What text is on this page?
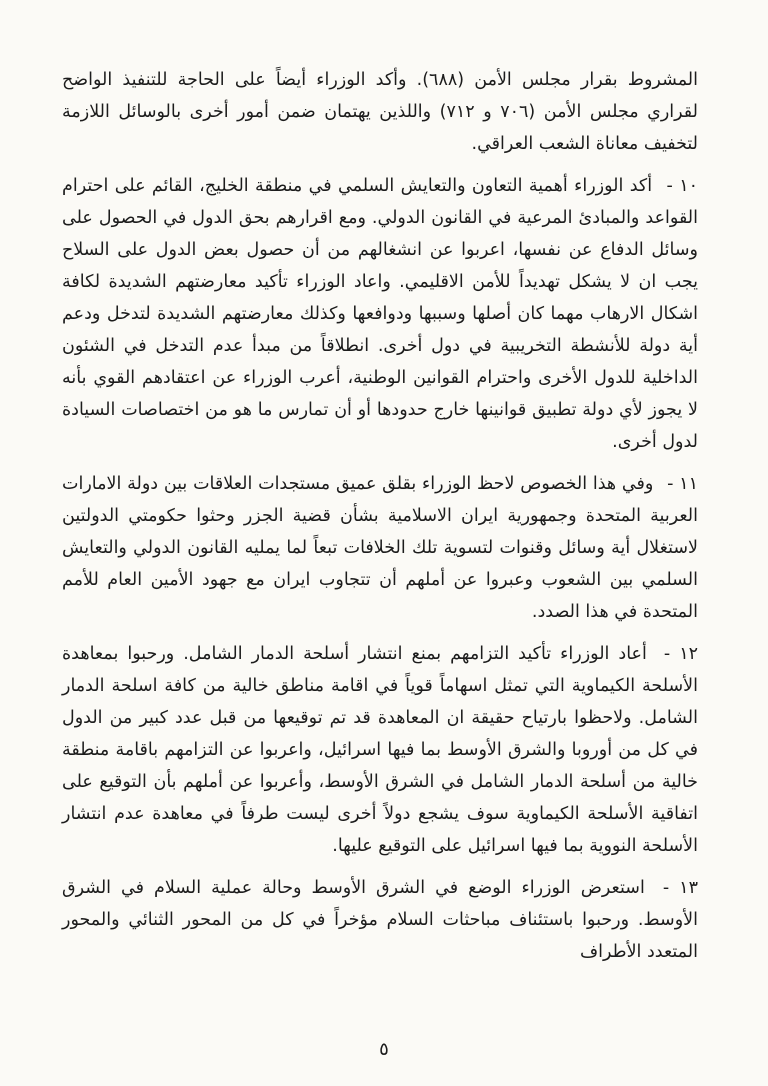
المشروط بقرار مجلس الأمن (٦٨٨). وأكد الوزراء أيضاً على الحاجة للتنفيذ الواضح لقراري مجلس الأمن (٧٠٦ و ٧١٢) واللذين يهتمان ضمن أمور أخرى بالوسائل اللازمة لتخفيف معاناة الشعب العراقي.

١٠ - أكد الوزراء أهمية التعاون والتعايش السلمي في منطقة الخليج، القائم على احترام القواعد والمبادئ المرعية في القانون الدولي. ومع اقرارهم بحق الدول في الحصول على وسائل الدفاع عن نفسها، اعربوا عن انشغالهم من أن حصول بعض الدول على السلاح يجب ان لا يشكل تهديداً للأمن الاقليمي. واعاد الوزراء تأكيد معارضتهم الشديدة لكافة اشكال الارهاب مهما كان أصلها وسببها ودوافعها وكذلك معارضتهم الشديدة لتدخل ودعم أية دولة للأنشطة التخريبية في دول أخرى. انطلاقاً من مبدأ عدم التدخل في الشئون الداخلية للدول الأخرى واحترام القوانين الوطنية، أعرب الوزراء عن اعتقادهم القوي بأنه لا يجوز لأي دولة تطبيق قوانينها خارج حدودها أو أن تمارس ما هو من اختصاصات السيادة لدول أخرى.

١١ - وفي هذا الخصوص لاحظ الوزراء بقلق عميق مستجدات العلاقات بين دولة الامارات العربية المتحدة وجمهورية ايران الاسلامية بشأن قضية الجزر وحثوا حكومتي الدولتين لاستغلال أية وسائل وقنوات لتسوية تلك الخلافات تبعاً لما يمليه القانون الدولي والتعايش السلمي بين الشعوب وعبروا عن أملهم أن تتجاوب ايران مع جهود الأمين العام للأمم المتحدة في هذا الصدد.

١٢ - أعاد الوزراء تأكيد التزامهم بمنع انتشار أسلحة الدمار الشامل. ورحبوا بمعاهدة الأسلحة الكيماوية التي تمثل اسهاماً قوياً في اقامة مناطق خالية من كافة اسلحة الدمار الشامل. ولاحظوا بارتياح حقيقة ان المعاهدة قد تم توقيعها من قبل عدد كبير من الدول في كل من أوروبا والشرق الأوسط بما فيها اسرائيل، واعربوا عن التزامهم باقامة منطقة خالية من أسلحة الدمار الشامل في الشرق الأوسط، وأعربوا عن أملهم بأن التوقيع على اتفاقية الأسلحة الكيماوية سوف يشجع دولاً أخرى ليست طرفاً في معاهدة عدم انتشار الأسلحة النووية بما فيها اسرائيل على التوقيع عليها.

١٣ - استعرض الوزراء الوضع في الشرق الأوسط وحالة عملية السلام في الشرق الأوسط. ورحبوا باستئناف مباحثات السلام مؤخراً في كل من المحور الثنائي والمحور المتعدد الأطراف

٥
